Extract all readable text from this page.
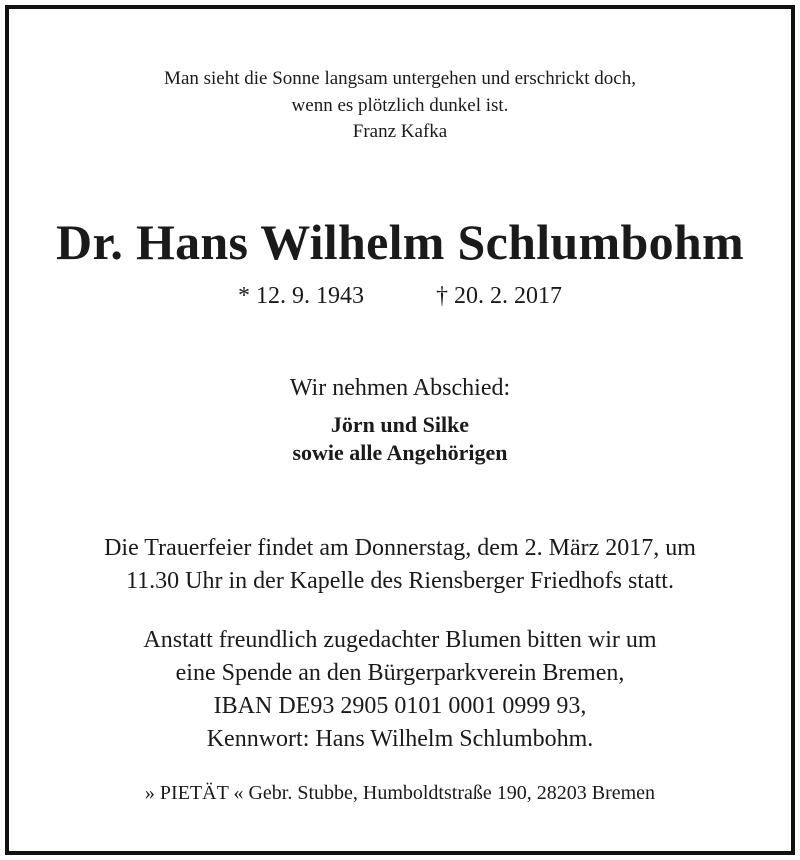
Man sieht die Sonne langsam untergehen und erschrickt doch,
wenn es plötzlich dunkel ist.
Franz Kafka
Dr. Hans Wilhelm Schlumbohm
* 12. 9. 1943	† 20. 2. 2017
Wir nehmen Abschied:
Jörn und Silke
sowie alle Angehörigen
Die Trauerfeier findet am Donnerstag, dem 2. März 2017, um
11.30 Uhr in der Kapelle des Riensberger Friedhofs statt.
Anstatt freundlich zugedachter Blumen bitten wir um
eine Spende an den Bürgerparkverein Bremen,
IBAN DE93 2905 0101 0001 0999 93,
Kennwort: Hans Wilhelm Schlumbohm.
» PIETÄT « Gebr. Stubbe, Humboldtstraße 190, 28203 Bremen
